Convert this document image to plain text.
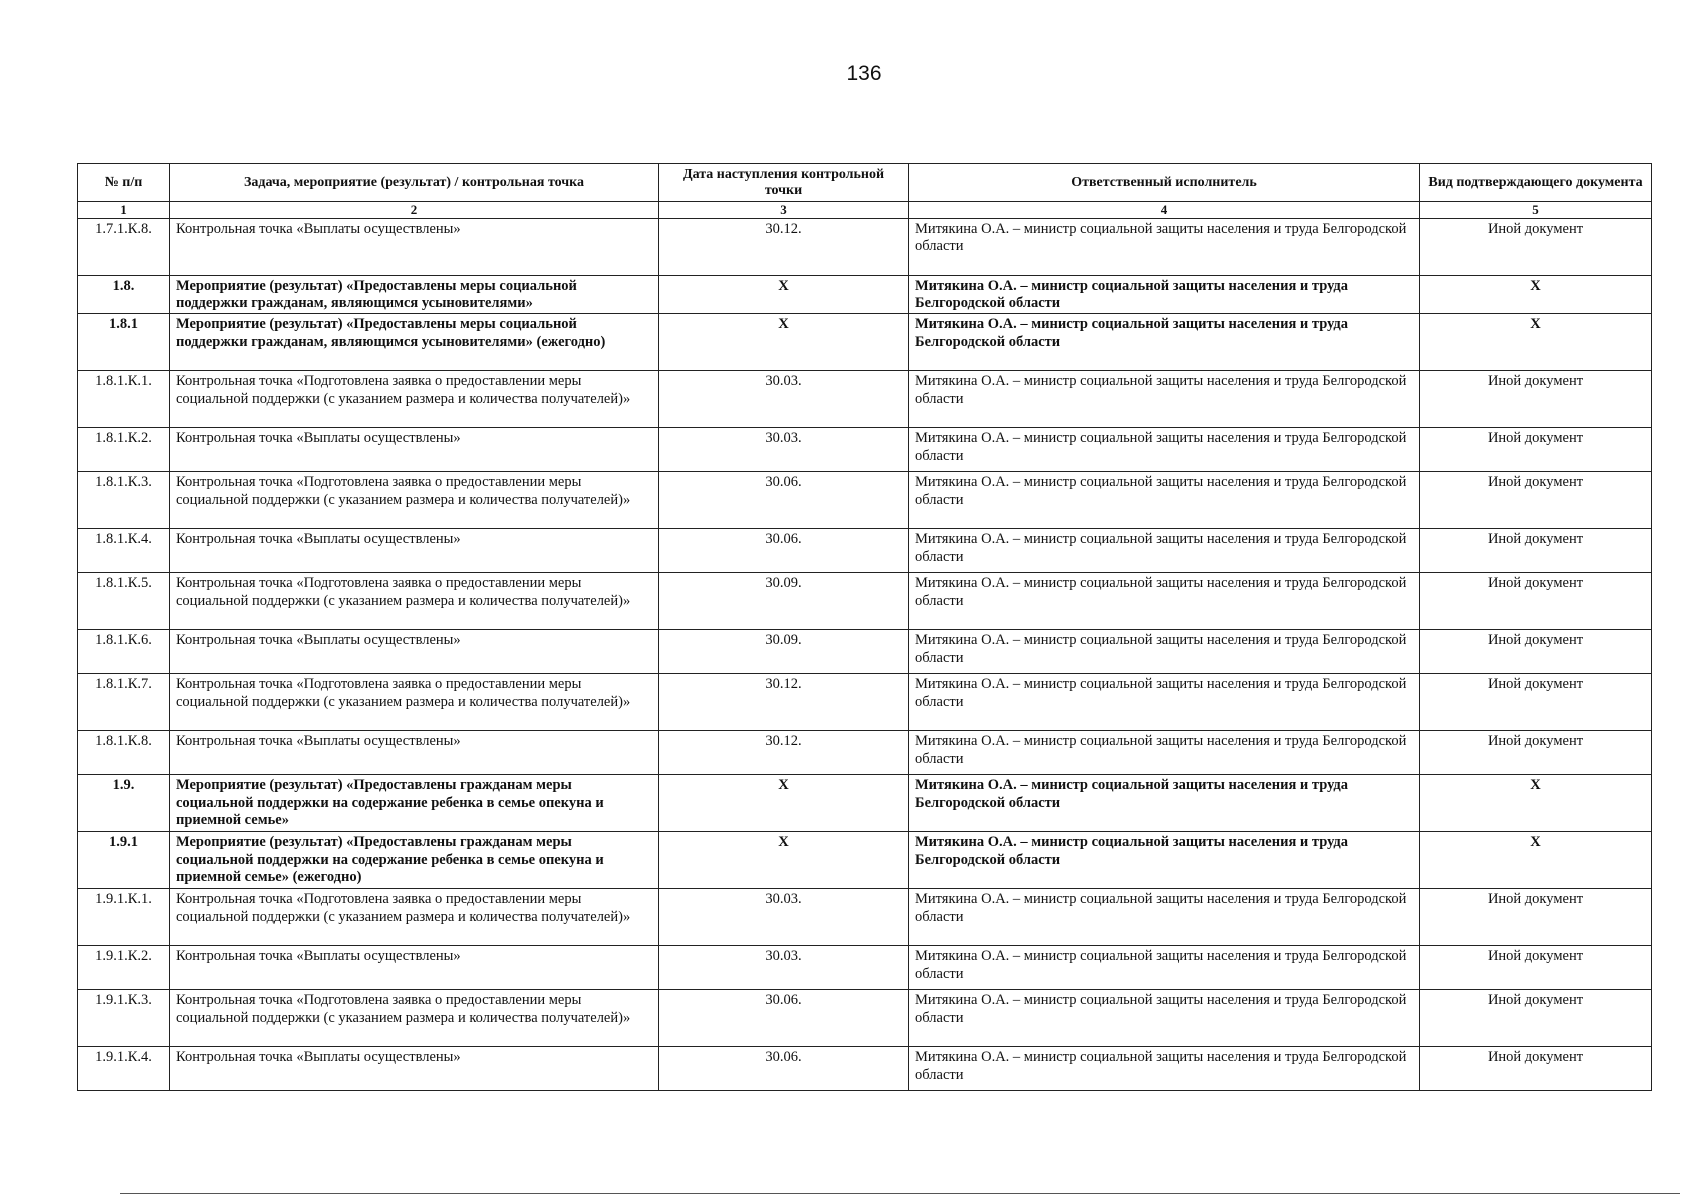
136
№ п/п	Задача, мероприятие (результат) / контрольная точка	Дата наступления контрольной точки	Ответственный исполнитель	Вид подтверждающего документа
1	2	3	4	5
1.7.1.К.8.	Контрольная точка «Выплаты осуществлены»	30.12.	Митякина О.А. – министр социальной защиты населения и труда Белгородской области	Иной документ
1.8.	Мероприятие (результат) «Предоставлены меры социальной поддержки гражданам, являющимся усыновителями»	Х	Митякина О.А. – министр социальной защиты населения и труда Белгородской области	Х
1.8.1	Мероприятие (результат) «Предоставлены меры социальной поддержки гражданам, являющимся усыновителями» (ежегодно)	Х	Митякина О.А. – министр социальной защиты населения и труда Белгородской области	Х
1.8.1.К.1.	Контрольная точка «Подготовлена заявка о предоставлении меры социальной поддержки (с указанием размера и количества получателей)»	30.03.	Митякина О.А. – министр социальной защиты населения и труда Белгородской области	Иной документ
1.8.1.К.2.	Контрольная точка «Выплаты осуществлены»	30.03.	Митякина О.А. – министр социальной защиты населения и труда Белгородской области	Иной документ
1.8.1.К.3.	Контрольная точка «Подготовлена заявка о предоставлении меры социальной поддержки (с указанием размера и количества получателей)»	30.06.	Митякина О.А. – министр социальной защиты населения и труда Белгородской области	Иной документ
1.8.1.К.4.	Контрольная точка «Выплаты осуществлены»	30.06.	Митякина О.А. – министр социальной защиты населения и труда Белгородской области	Иной документ
1.8.1.К.5.	Контрольная точка «Подготовлена заявка о предоставлении меры социальной поддержки (с указанием размера и количества получателей)»	30.09.	Митякина О.А. – министр социальной защиты населения и труда Белгородской области	Иной документ
1.8.1.К.6.	Контрольная точка «Выплаты осуществлены»	30.09.	Митякина О.А. – министр социальной защиты населения и труда Белгородской области	Иной документ
1.8.1.К.7.	Контрольная точка «Подготовлена заявка о предоставлении меры социальной поддержки (с указанием размера и количества получателей)»	30.12.	Митякина О.А. – министр социальной защиты населения и труда Белгородской области	Иной документ
1.8.1.К.8.	Контрольная точка «Выплаты осуществлены»	30.12.	Митякина О.А. – министр социальной защиты населения и труда Белгородской области	Иной документ
1.9.	Мероприятие (результат) «Предоставлены гражданам меры социальной поддержки на содержание ребенка в семье опекуна и приемной семье»	Х	Митякина О.А. – министр социальной защиты населения и труда Белгородской области	Х
1.9.1	Мероприятие (результат) «Предоставлены гражданам меры социальной поддержки на содержание ребенка в семье опекуна и приемной семье» (ежегодно)	Х	Митякина О.А. – министр социальной защиты населения и труда Белгородской области	Х
1.9.1.К.1.	Контрольная точка «Подготовлена заявка о предоставлении меры социальной поддержки (с указанием размера и количества получателей)»	30.03.	Митякина О.А. – министр социальной защиты населения и труда Белгородской области	Иной документ
1.9.1.К.2.	Контрольная точка «Выплаты осуществлены»	30.03.	Митякина О.А. – министр социальной защиты населения и труда Белгородской области	Иной документ
1.9.1.К.3.	Контрольная точка «Подготовлена заявка о предоставлении меры социальной поддержки (с указанием размера и количества получателей)»	30.06.	Митякина О.А. – министр социальной защиты населения и труда Белгородской области	Иной документ
1.9.1.К.4.	Контрольная точка «Выплаты осуществлены»	30.06.	Митякина О.А. – министр социальной защиты населения и труда Белгородской области	Иной документ
